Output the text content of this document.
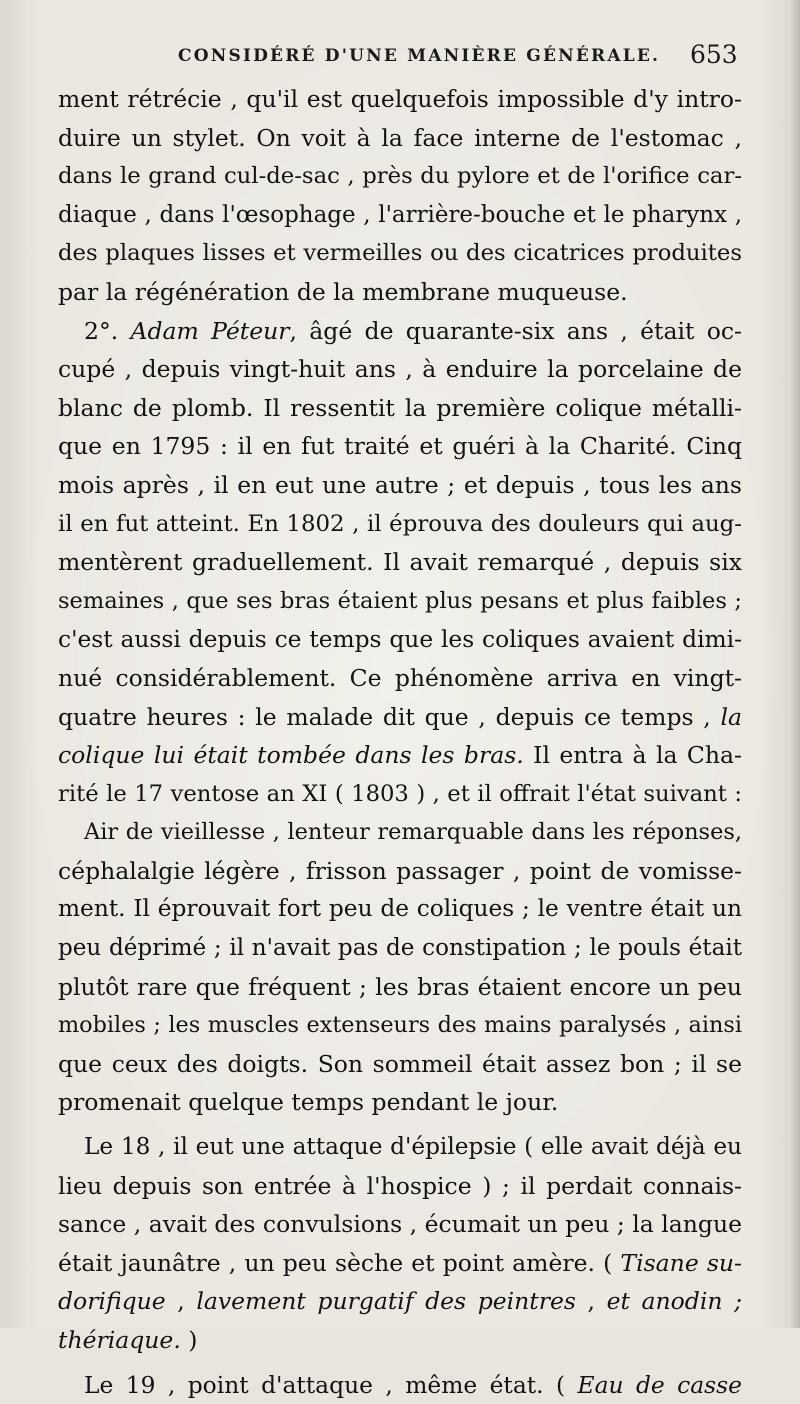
CONSIDÉRÉ D'UNE MANIÈRE GÉNÉRALE. 653
ment rétrécie , qu'il est quelquefois impossible d'y intro-
duire un stylet. On voit à la face interne de l'estomac ,
dans le grand cul-de-sac , près du pylore et de l'orifice car-
diaque , dans l'œsophage , l'arrière-bouche et le pharynx ,
des plaques lisses et vermeilles ou des cicatrices produites
par la régénération de la membrane muqueuse.
2°. Adam Péteur, âgé de quarante-six ans , était oc-
cupé , depuis vingt-huit ans , à enduire la porcelaine de
blanc de plomb. Il ressentit la première colique métalli-
que en 1795 : il en fut traité et guéri à la Charité. Cinq
mois après , il en eut une autre ; et depuis , tous les ans
il en fut atteint. En 1802 , il éprouva des douleurs qui aug-
mentèrent graduellement. Il avait remarqué , depuis six
semaines , que ses bras étaient plus pesans et plus faibles ;
c'est aussi depuis ce temps que les coliques avaient dimi-
nué considérablement. Ce phénomène arriva en vingt-
quatre heures : le malade dit que , depuis ce temps , la
colique lui était tombée dans les bras. Il entra à la Cha-
rité le 17 ventose an XI ( 1803 ) , et il offrait l'état suivant :
Air de vieillesse , lenteur remarquable dans les réponses,
céphalalgie légère , frisson passager , point de vomisse-
ment. Il éprouvait fort peu de coliques ; le ventre était un
peu déprimé ; il n'avait pas de constipation ; le pouls était
plutôt rare que fréquent ; les bras étaient encore un peu
mobiles ; les muscles extenseurs des mains paralysés , ainsi
que ceux des doigts. Son sommeil était assez bon ; il se
promenait quelque temps pendant le jour.
Le 18 , il eut une attaque d'épilepsie ( elle avait déjà eu
lieu depuis son entrée à l'hospice ) ; il perdait connais-
sance , avait des convulsions , écumait un peu ; la langue
était jaunâtre , un peu sèche et point amère. ( Tisane su-
dorifique , lavement purgatif des peintres , et anodin ;
thériaque. )
Le 19 , point d'attaque , même état. ( Eau de casse
